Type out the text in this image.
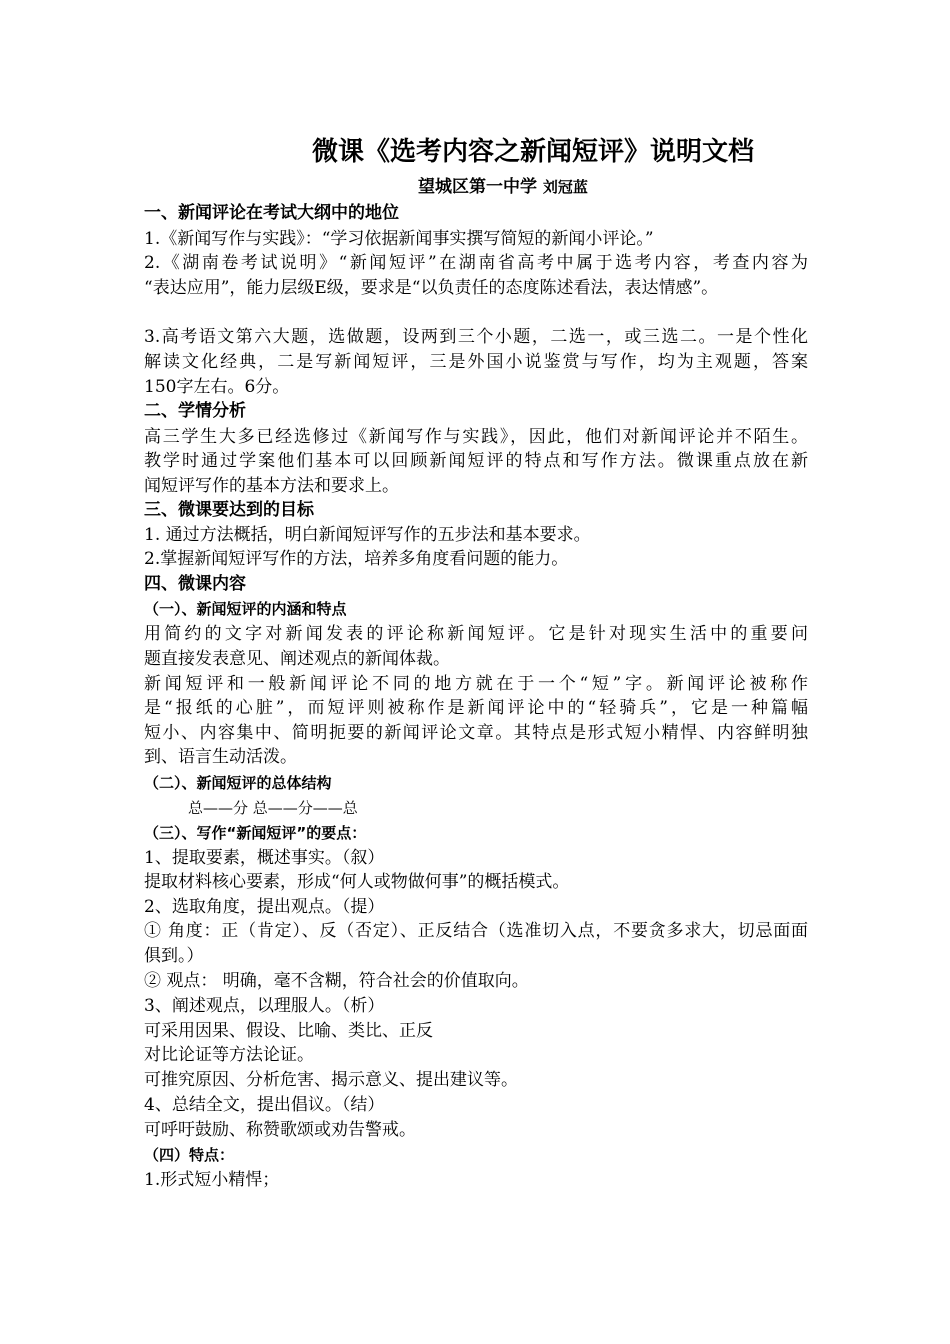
微课《选考内容之新闻短评》说明文档
望城区第一中学 刘冠蓝
一、新闻评论在考试大纲中的地位
1.《新闻写作与实践》：“学习依据新闻事实撰写简短的新闻小评论。”
2.《湖南卷考试说明》“新闻短评”在湖南省高考中属于选考内容，考查内容为
“表达应用”，能力层级E级，要求是“以负责任的态度陈述看法，表达情感”。
3.高考语文第六大题，选做题，设两到三个小题，二选一，或三选二。一是个性化
解读文化经典，二是写新闻短评，三是外国小说鉴赏与写作，均为主观题，答案
150字左右。6分。
二、学情分析
高三学生大多已经选修过《新闻写作与实践》，因此，他们对新闻评论并不陌生。
教学时通过学案他们基本可以回顾新闻短评的特点和写作方法。微课重点放在新
闻短评写作的基本方法和要求上。
三、微课要达到的目标
1. 通过方法概括，明白新闻短评写作的五步法和基本要求。
2.掌握新闻短评写作的方法，培养多角度看问题的能力。
四、微课内容
（一）、新闻短评的内涵和特点
用简约的文字对新闻发表的评论称新闻短评。它是针对现实生活中的重要问
题直接发表意见、阐述观点的新闻体裁。
新闻短评和一般新闻评论不同的地方就在于一个“短”字。新闻评论被称作
是“报纸的心脏”，而短评则被称作是新闻评论中的“轻骑兵”，它是一种篇幅
短小、内容集中、简明扼要的新闻评论文章。其特点是形式短小精悍、内容鲜明独
到、语言生动活泼。
（二）、新闻短评的总体结构
总——分 总——分——总
（三）、写作“新闻短评”的要点：
1、提取要素，概述事实。（叙）
提取材料核心要素，形成“何人或物做何事”的概括模式。
2、选取角度，提出观点。（提）
① 角度：正（肯定）、反（否定）、正反结合（选准切入点，不要贪多求大，切忌面面
俱到。）
② 观点： 明确，毫不含糊，符合社会的价值取向。
3、阐述观点，以理服人。（析）
可采用因果、假设、比喻、类比、正反
对比论证等方法论证。
可推究原因、分析危害、揭示意义、提出建议等。
4、总结全文，提出倡议。（结）
可呼吁鼓励、称赞歌颂或劝告警戒。
（四）特点：
1.形式短小精悍；
